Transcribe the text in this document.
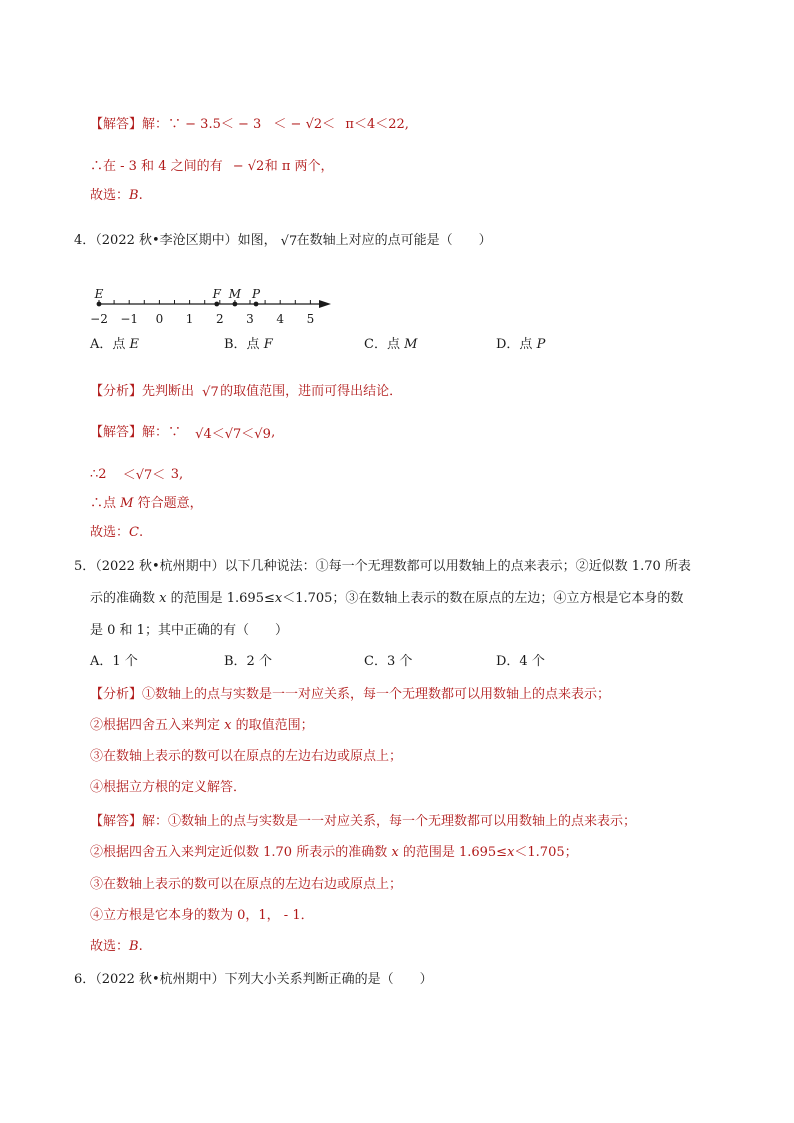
【解答】解：∵ − 3.5＜ − 3 ＜ − √2＜ π＜4＜22,
∴在 - 3 和 4 之间的有 − √2 和 π 两个，
故选：B.
4．（2022 秋•李沧区期中）如图， √7 在数轴上对应的点可能是（　　）
−2 −1 0 1 2 3 4 5
E	F M P
A．点 E	B．点 F	C．点 M	D．点 P
【分析】先判断出 √7 的取值范围，进而可得出结论．
【解答】解：∵ √4＜√7＜√9 ,
∴2 ＜√7＜ 3,
∴点 M 符合题意，
故选：C.
5．（2022 秋•杭州期中）以下几种说法：①每一个无理数都可以用数轴上的点来表示；②近似数 1.70 所表
示的准确数 x 的范围是 1.695≤x＜1.705；③在数轴上表示的数在原点的左边；④立方根是它本身的数
是 0 和 1；其中正确的有（　　）
A．1 个	B．2 个	C．3 个	D．4 个
【分析】①数轴上的点与实数是一一对应关系，每一个无理数都可以用数轴上的点来表示；
②根据四舍五入来判定 x 的取值范围；
③在数轴上表示的数可以在原点的左边右边或原点上；
④根据立方根的定义解答．
【解答】解：①数轴上的点与实数是一一对应关系，每一个无理数都可以用数轴上的点来表示；
②根据四舍五入来判定近似数 1.70 所表示的准确数 x 的范围是 1.695≤x＜1.705；
③在数轴上表示的数可以在原点的左边右边或原点上；
④立方根是它本身的数为 0，1， - 1．
故选：B.
6．（2022 秋•杭州期中）下列大小关系判断正确的是（　　）
